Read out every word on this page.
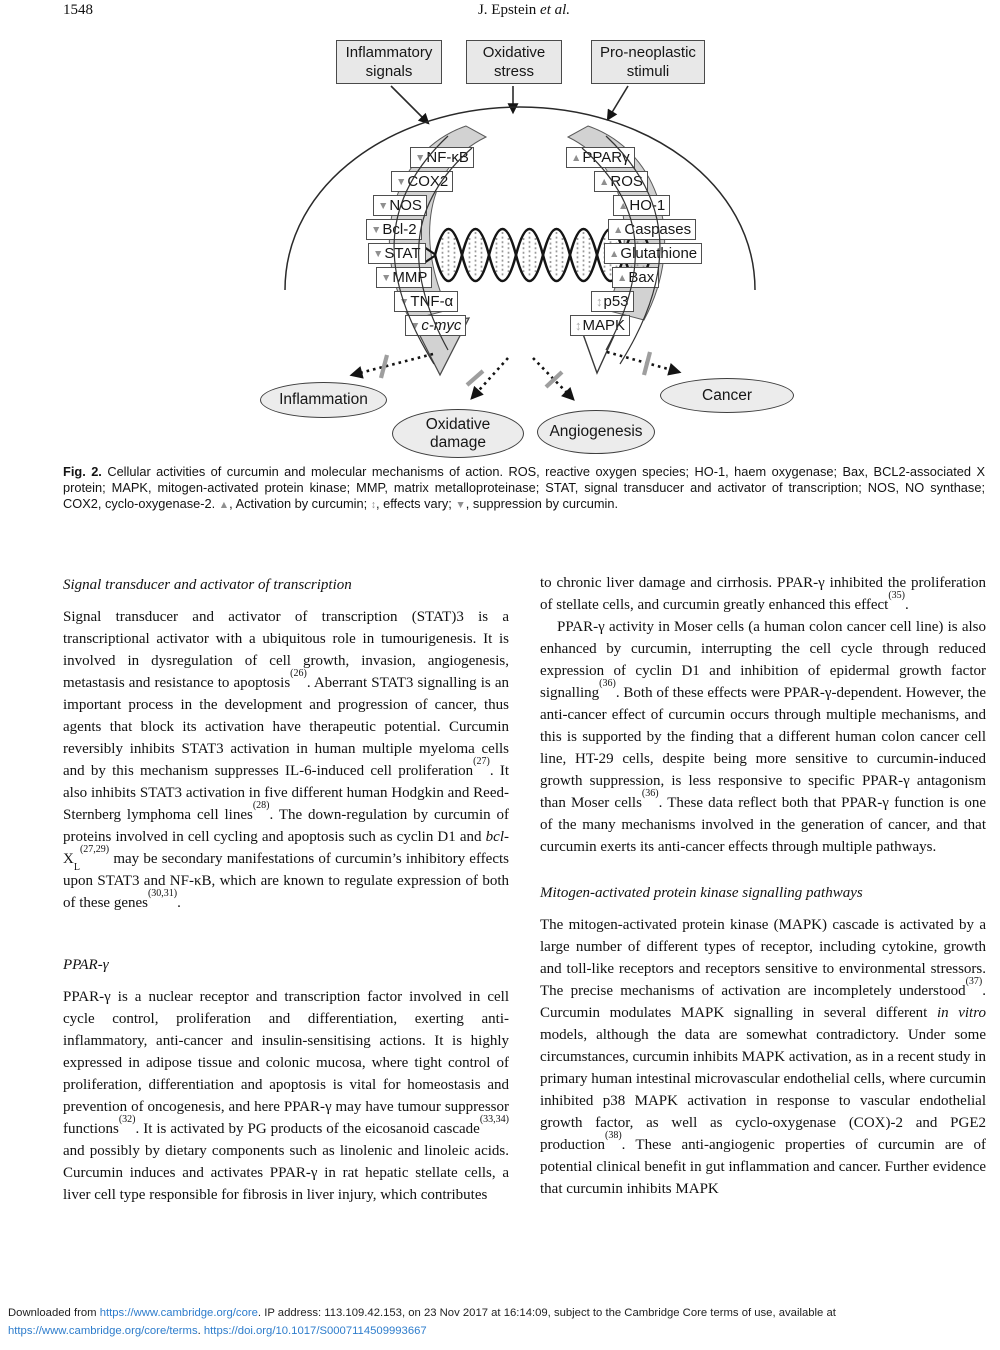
1548	J. Epstein et al.
Inflammatory signals
Oxidative stress
Pro-neoplastic stimuli
▼NF-κB
▼COX2
▼NOS
▼Bcl-2
▼STAT
▼MMP
▼TNF-α
▼c-myc
▲PPARγ
▲ROS
▲HO-1
▲Caspases
▲Glutathione
▲Bax
↕p53
↕MAPK
Inflammation
Oxidative damage
Angiogenesis
Cancer
Fig. 2. Cellular activities of curcumin and molecular mechanisms of action. ROS, reactive oxygen species; HO-1, haem oxygenase; Bax, BCL2-associated X protein; MAPK, mitogen-activated protein kinase; MMP, matrix metalloproteinase; STAT, signal transducer and activator of transcription; NOS, NO synthase; COX2, cyclo-oxygenase-2. ▲, Activation by curcumin; ↕, effects vary; ▼, suppression by curcumin.
Signal transducer and activator of transcription

Signal transducer and activator of transcription (STAT)3 is a transcriptional activator with a ubiquitous role in tumourigenesis. It is involved in dysregulation of cell growth, invasion, angiogenesis, metastasis and resistance to apoptosis$^{(26)}$. Aberrant STAT3 signalling is an important process in the development and progression of cancer, thus agents that block its activation have therapeutic potential. Curcumin reversibly inhibits STAT3 activation in human multiple myeloma cells and by this mechanism suppresses IL-6-induced cell proliferation$^{(27)}$. It also inhibits STAT3 activation in five different human Hodgkin and Reed-Sternberg lymphoma cell lines$^{(28)}$. The down-regulation by curcumin of proteins involved in cell cycling and apoptosis such as cyclin D1 and bcl-$X_L^{(27,29)}$ may be secondary manifestations of curcumin’s inhibitory effects upon STAT3 and NF-κB, which are known to regulate expression of both of these genes$^{(30,31)}$.

PPAR-γ

PPAR-γ is a nuclear receptor and transcription factor involved in cell cycle control, proliferation and differentiation, exerting anti-inflammatory, anti-cancer and insulin-sensitising actions. It is highly expressed in adipose tissue and colonic mucosa, where tight control of proliferation, differentiation and apoptosis is vital for homeostasis and prevention of oncogenesis, and here PPAR-γ may have tumour suppressor functions$^{(32)}$. It is activated by PG products of the eicosanoid cascade$^{(33,34)}$ and possibly by dietary components such as linolenic and linoleic acids. Curcumin induces and activates PPAR-γ in rat hepatic stellate cells, a liver cell type responsible for fibrosis in liver injury, which contributes

to chronic liver damage and cirrhosis. PPAR-γ inhibited the proliferation of stellate cells, and curcumin greatly enhanced this effect$^{(35)}$.

PPAR-γ activity in Moser cells (a human colon cancer cell line) is also enhanced by curcumin, interrupting the cell cycle through reduced expression of cyclin D1 and inhibition of epidermal growth factor signalling$^{(36)}$. Both of these effects were PPAR-γ-dependent. However, the anti-cancer effect of curcumin occurs through multiple mechanisms, and this is supported by the finding that a different human colon cancer cell line, HT-29 cells, despite being more sensitive to curcumin-induced growth suppression, is less responsive to specific PPAR-γ antagonism than Moser cells$^{(36)}$. These data reflect both that PPAR-γ function is one of the many mechanisms involved in the generation of cancer, and that curcumin exerts its anti-cancer effects through multiple pathways.

Mitogen-activated protein kinase signalling pathways

The mitogen-activated protein kinase (MAPK) cascade is activated by a large number of different types of receptor, including cytokine, growth and toll-like receptors and receptors sensitive to environmental stressors. The precise mechanisms of activation are incompletely understood$^{(37)}$. Curcumin modulates MAPK signalling in several different in vitro models, although the data are somewhat contradictory. Under some circumstances, curcumin inhibits MAPK activation, as in a recent study in primary human intestinal microvascular endothelial cells, where curcumin inhibited p38 MAPK activation in response to vascular endothelial growth factor, as well as cyclo-oxygenase (COX)-2 and PGE2 production$^{(38)}$. These anti-angiogenic properties of curcumin are of potential clinical benefit in gut inflammation and cancer. Further evidence that curcumin inhibits MAPK

Downloaded from https://www.cambridge.org/core. IP address: 113.109.42.153, on 23 Nov 2017 at 16:14:09, subject to the Cambridge Core terms of use, available at
https://www.cambridge.org/core/terms. https://doi.org/10.1017/S0007114509993667
